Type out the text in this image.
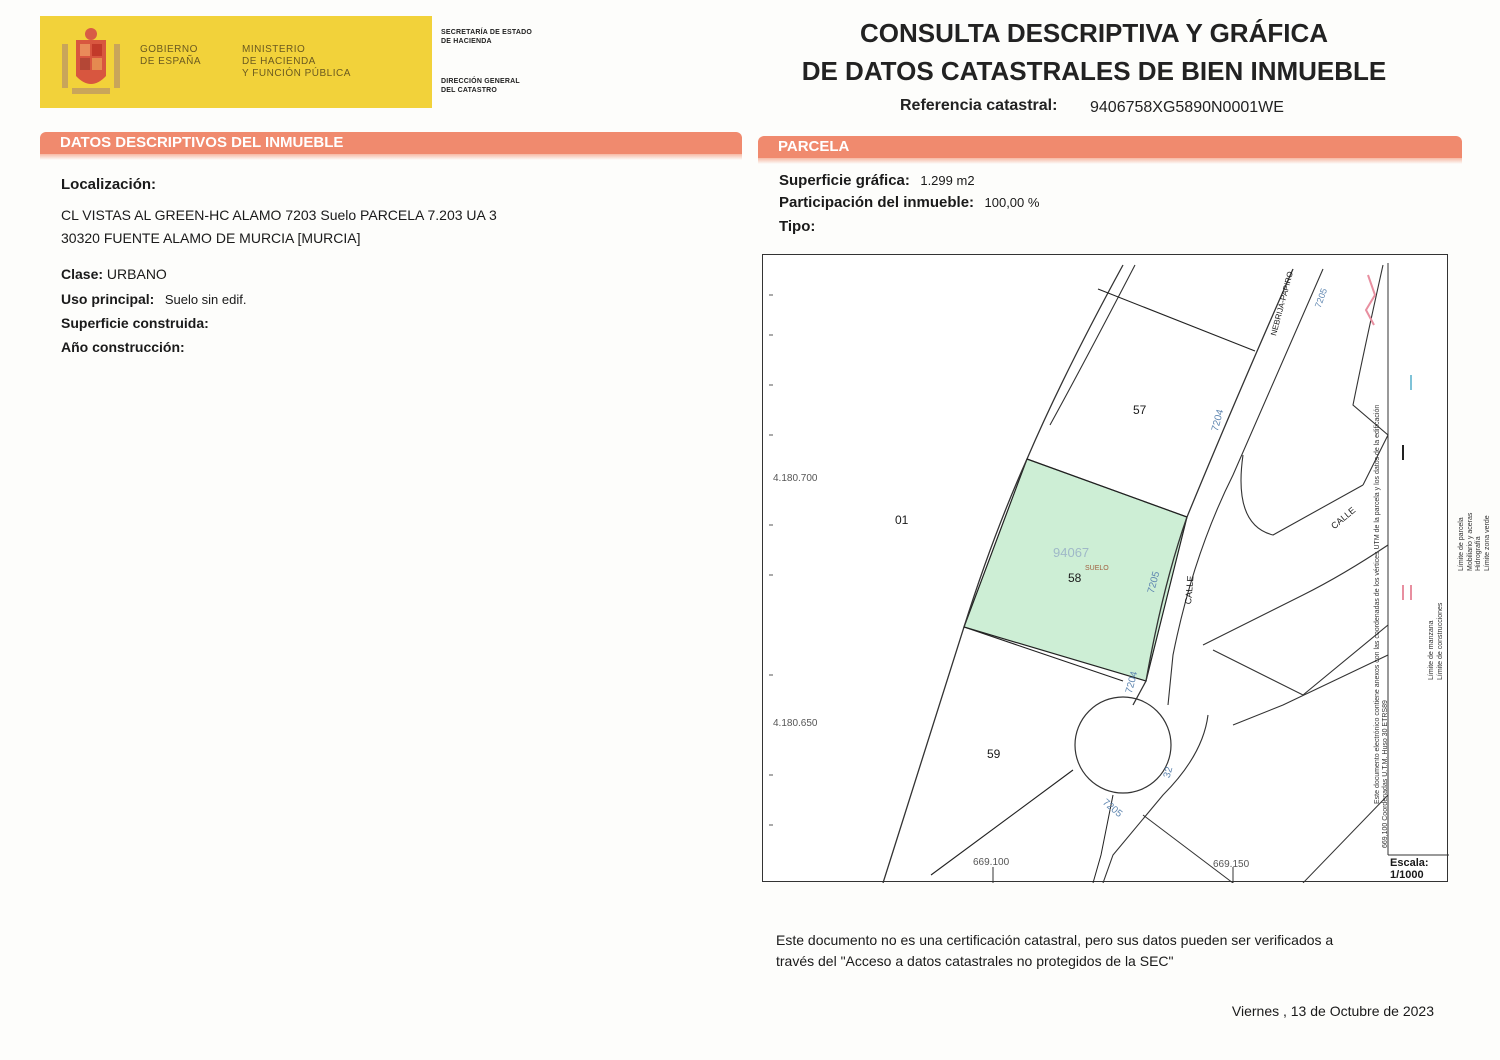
GOBIERNO
DE ESPAÑA
MINISTERIO
DE HACIENDA
Y FUNCIÓN PÚBLICA
SECRETARÍA DE ESTADO
DE HACIENDA
DIRECCIÓN GENERAL
DEL CATASTRO
CONSULTA DESCRIPTIVA Y GRÁFICA
DE DATOS CATASTRALES DE BIEN INMUEBLE
Referencia catastral: 9406758XG5890N0001WE
DATOS DESCRIPTIVOS DEL INMUEBLE
Localización:
CL VISTAS AL GREEN-HC ALAMO 7203 Suelo PARCELA 7.203 UA 3
30320 FUENTE ALAMO DE MURCIA [MURCIA]
Clase: URBANO
Uso principal: Suelo sin edif.
Superficie construida:
Año construcción:
PARCELA
Superficie gráfica: 1.299 m2
Participación del inmueble: 100,00 %
Tipo:
4.180.700
4.180.650
669.100	669.150
01
57
58
59
94067
SUELO
CALLE
CALLE
7204
7205
7204
32
7205
7205
NEBRIJA-PAPIRO
Límite de parcela Mobiliario y aceras Hidrografía Límite zona verde
Límite de manzana Límite de construcciones
669,100 Coordenadas U.T.M. Huso 30 ETRS89
Este documento electrónico contiene anexos con las coordenadas de los vértices UTM de la parcela y los datos de la edificación
Escala:
1/1000
Este documento no es una certificación catastral, pero sus datos pueden ser verificados a
través del "Acceso a datos catastrales no protegidos de la SEC"
Viernes , 13 de Octubre de 2023
